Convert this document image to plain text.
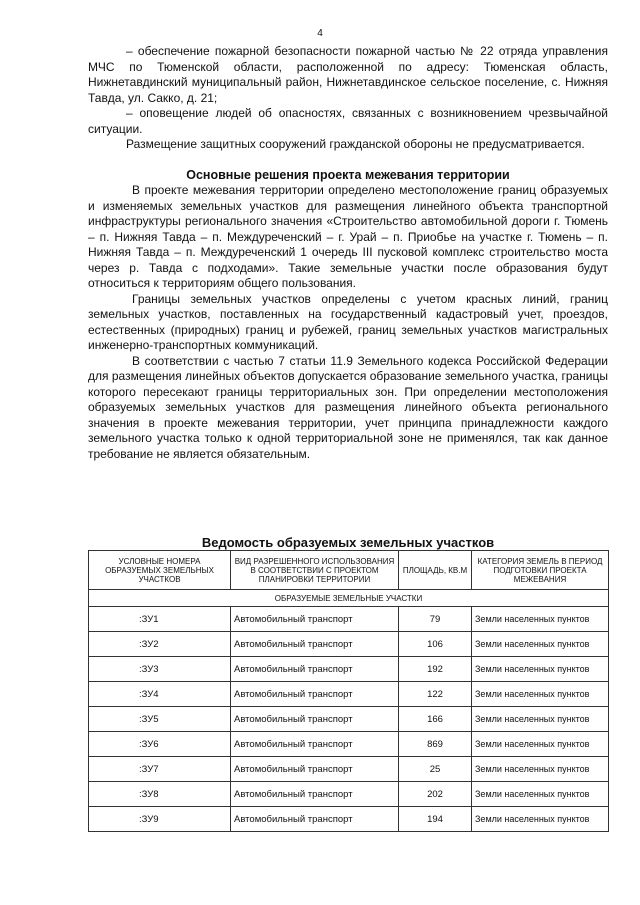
4

– обеспечение пожарной безопасности пожарной частью № 22 отряда управления МЧС по Тюменской области, расположенной по адресу: Тюменская область, Нижнетавдинский муниципальный район, Нижнетавдинское сельское поселение, с. Нижняя Тавда, ул. Сакко, д. 21;

– оповещение людей об опасностях, связанных с возникновением чрезвычайной ситуации.

Размещение защитных сооружений гражданской обороны не предусматривается.

Основные решения проекта межевания территории

В проекте межевания территории определено местоположение границ образуемых и изменяемых земельных участков для размещения линейного объекта транспортной инфраструктуры регионального значения «Строительство автомобильной дороги г. Тюмень – п. Нижняя Тавда – п. Междуреченский – г. Урай – п. Приобье на участке г. Тюмень – п. Нижняя Тавда – п. Междуреченский 1 очередь III пусковой комплекс строительство моста через р. Тавда с подходами». Такие земельные участки после образования будут относиться к территориям общего пользования.

Границы земельных участков определены с учетом красных линий, границ земельных участков, поставленных на государственный кадастровый учет, проездов, естественных (природных) границ и рубежей, границ земельных участков магистральных инженерно-транспортных коммуникаций.

В соответствии с частью 7 статьи 11.9 Земельного кодекса Российской Федерации для размещения линейных объектов допускается образование земельного участка, границы которого пересекают границы территориальных зон. При определении местоположения образуемых земельных участков для размещения линейного объекта регионального значения в проекте межевания территории, учет принципа принадлежности каждого земельного участка только к одной территориальной зоне не применялся, так как данное требование не является обязательным.

Ведомость образуемых земельных участков
УСЛОВНЫЕ НОМЕРА ОБРАЗУЕМЫХ ЗЕМЕЛЬНЫХ УЧАСТКОВ	ВИД РАЗРЕШЕННОГО ИСПОЛЬЗОВАНИЯ В СООТВЕТСТВИИ С ПРОЕКТОМ ПЛАНИРОВКИ ТЕРРИТОРИИ	ПЛОЩАДЬ, КВ.М	КАТЕГОРИЯ ЗЕМЕЛЬ В ПЕРИОД ПОДГОТОВКИ ПРОЕКТА МЕЖЕВАНИЯ
ОБРАЗУЕМЫЕ ЗЕМЕЛЬНЫЕ УЧАСТКИ			
:ЗУ1	Автомобильный транспорт	79	Земли населенных пунктов
:ЗУ2	Автомобильный транспорт	106	Земли населенных пунктов
:ЗУ3	Автомобильный транспорт	192	Земли населенных пунктов
:ЗУ4	Автомобильный транспорт	122	Земли населенных пунктов
:ЗУ5	Автомобильный транспорт	166	Земли населенных пунктов
:ЗУ6	Автомобильный транспорт	869	Земли населенных пунктов
:ЗУ7	Автомобильный транспорт	25	Земли населенных пунктов
:ЗУ8	Автомобильный транспорт	202	Земли населенных пунктов
:ЗУ9	Автомобильный транспорт	194	Земли населенных пунктов
